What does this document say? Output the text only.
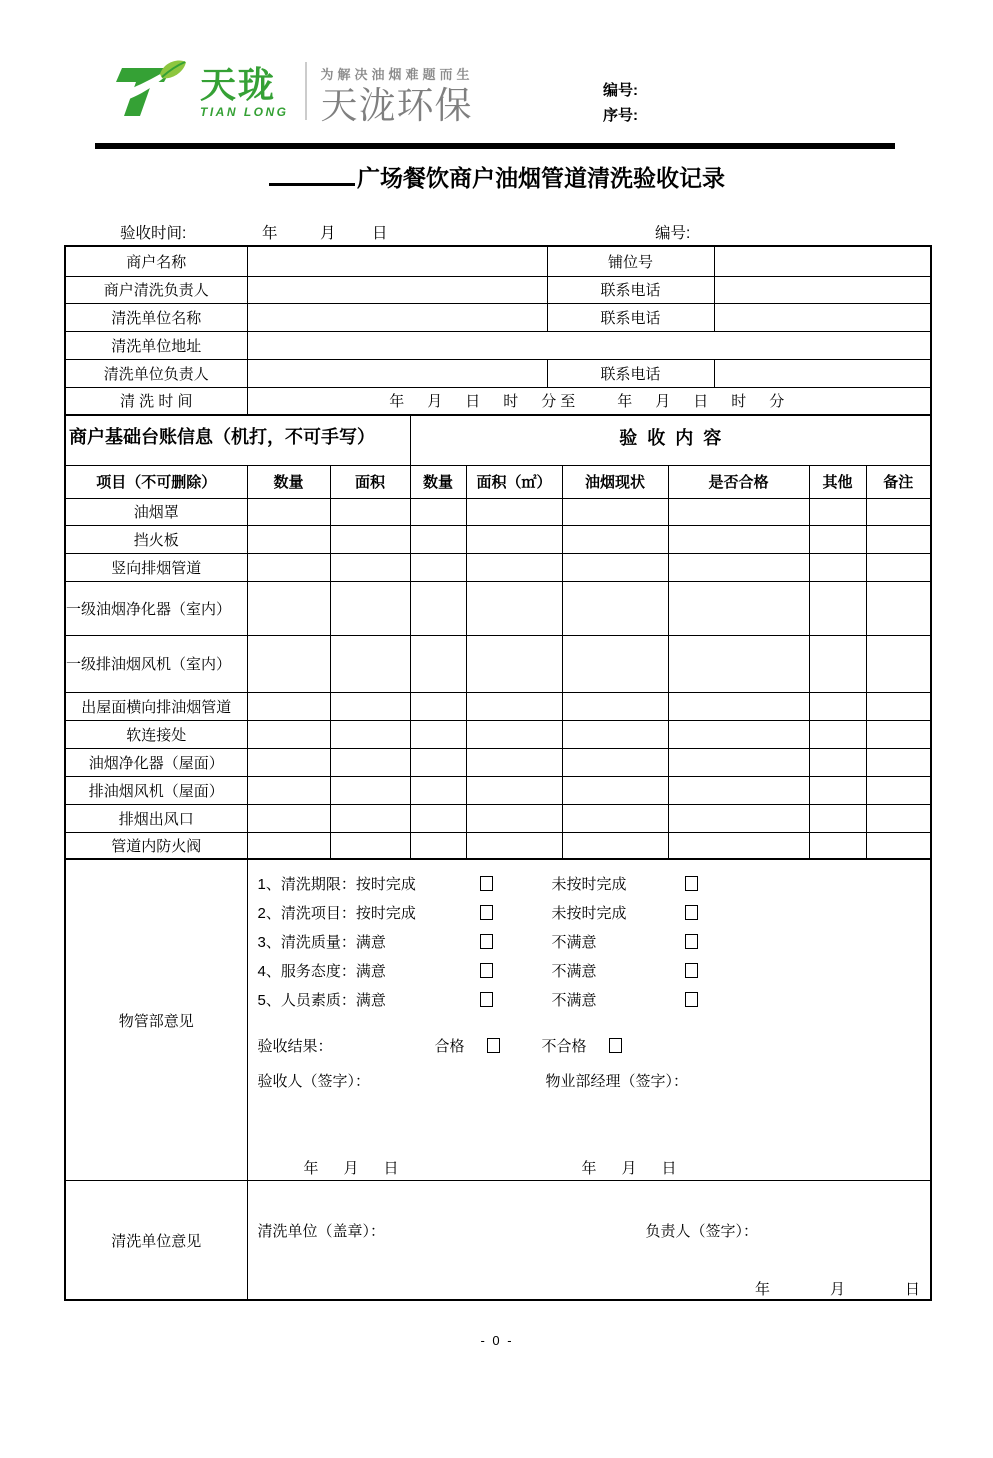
天珑
TIAN LONG
为解决油烟难题而生
天泷环保	编号:
序号:
广场餐饮商户油烟管道清洗验收记录
验收时间:	年	月 日	编号:
商户名称		铺位号	
商户清洗负责人		联系电话	
清洗单位名称		联系电话	
清洗单位地址			
清洗单位负责人		联系电话	
清 洗 时 间	年　月　日　时　分至　　年　月　日　时　分		
商户基础台账信息（机打，不可手写）			验  收  内  容					
项目（不可删除）	数量	面积	数量	面积（㎡）	油烟现状	是否合格	其他	备注
油烟罩								
挡火板								
竖向排烟管道								
一级油烟净化器（室内）								
一级排油烟风机（室内）								
出屋面横向排油烟管道								
软连接处								
油烟净化器（屋面）								
排油烟风机（屋面）								
排烟出风口								
管道内防火阀								
物管部意见	
1、清洗期限：按时完成	未按时完成
2、清洗项目：按时完成	未按时完成
3、清洗质量：满意	不满意
4、服务态度：满意	不满意
5、人员素质：满意	不满意
验收结果：	合格	不合格
验收人（签字）：	物业部经理（签字）：
年　月　日	年　月　日

清洗单位意见	清洗单位（盖章）： 负责人（签字）：
年　　　　月　　　　日
- 0 -
